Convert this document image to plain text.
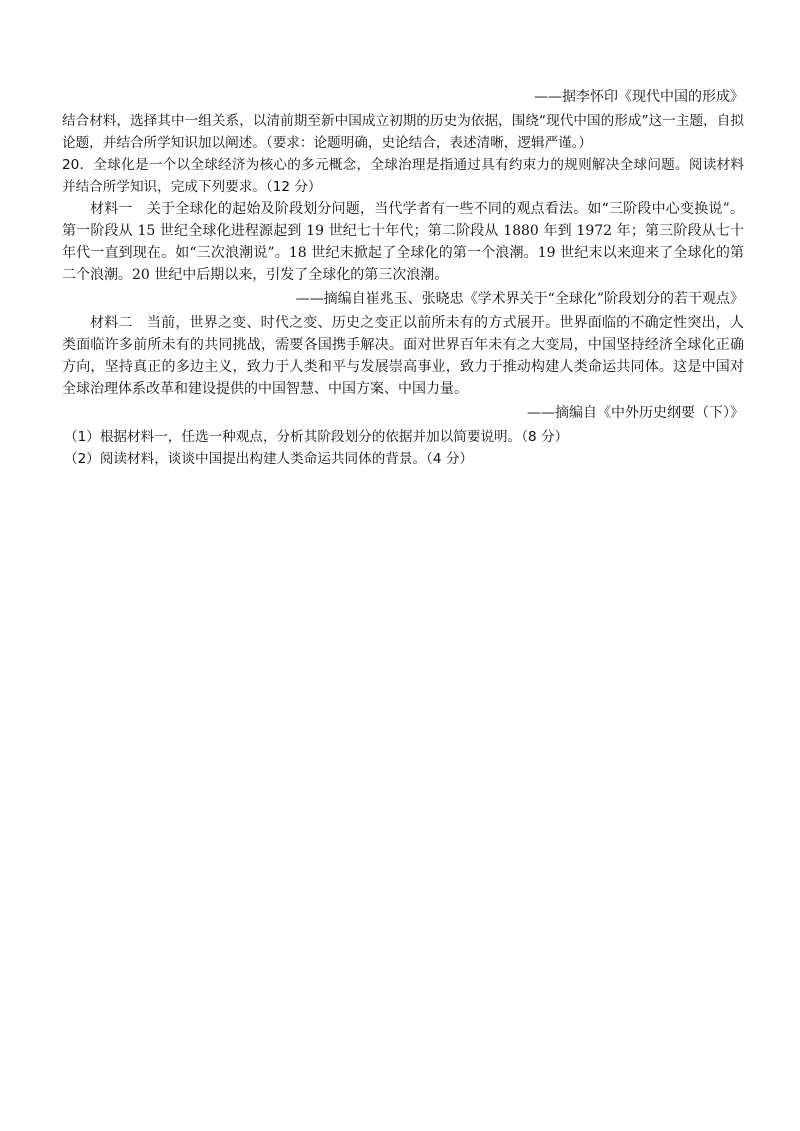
——据李怀印《现代中国的形成》

结合材料，选择其中一组关系，以清前期至新中国成立初期的历史为依据，围绕“现代中国的形成”这一主题，自拟论题，并结合所学知识加以阐述。（要求：论题明确，史论结合，表述清晰，逻辑严谨。）

20．全球化是一个以全球经济为核心的多元概念，全球治理是指通过具有约束力的规则解决全球问题。阅读材料并结合所学知识，完成下列要求。（12 分）

材料一　关于全球化的起始及阶段划分问题，当代学者有一些不同的观点看法。如“三阶段中心变换说”。第一阶段从 15 世纪全球化进程源起到 19 世纪七十年代；第二阶段从 1880 年到 1972 年；第三阶段从七十年代一直到现在。如“三次浪潮说”。18 世纪末掀起了全球化的第一个浪潮。19 世纪末以来迎来了全球化的第二个浪潮。20 世纪中后期以来，引发了全球化的第三次浪潮。

——摘编自崔兆玉、张晓忠《学术界关于“全球化”阶段划分的若干观点》

材料二　当前，世界之变、时代之变、历史之变正以前所未有的方式展开。世界面临的不确定性突出，人类面临许多前所未有的共同挑战，需要各国携手解决。面对世界百年未有之大变局，中国坚持经济全球化正确方向，坚持真正的多边主义，致力于人类和平与发展崇高事业，致力于推动构建人类命运共同体。这是中国对全球治理体系改革和建设提供的中国智慧、中国方案、中国力量。

——摘编自《中外历史纲要（下）》

（1）根据材料一，任选一种观点，分析其阶段划分的依据并加以简要说明。（8 分）

（2）阅读材料，谈谈中国提出构建人类命运共同体的背景。（4 分）
